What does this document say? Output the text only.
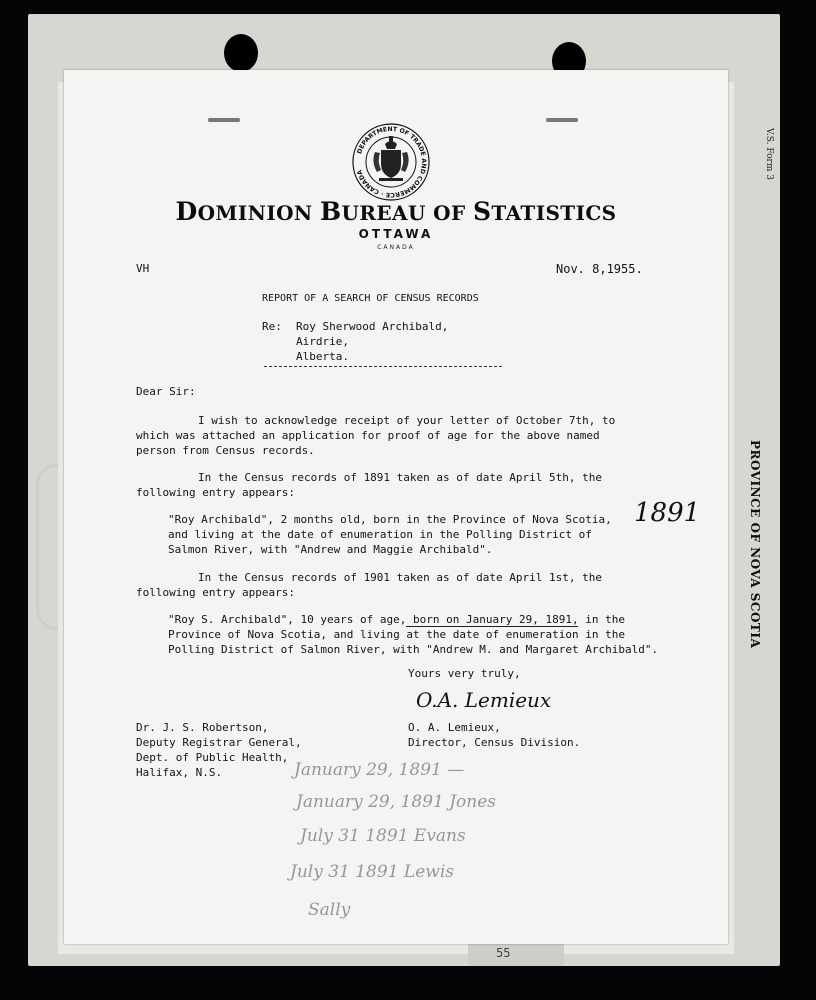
V.S. Form 3
PROVINCE OF NOVA SCOTIA
55
January 29, 1891 —
January 29, 1891 Jones
July 31 1891 Evans
July 31 1891 Lewis
Sally
DEPARTMENT OF TRADE AND COMMERCE · CANADA
DOMINION BUREAU OF STATISTICS
OTTAWA
CANADA
VH	Nov. 8,1955.
REPORT OF A SEARCH OF CENSUS RECORDS
Re: Roy Sherwood Archibald,
Airdrie,
Alberta.
Dear Sir:
I wish to acknowledge receipt of your letter of October 7th, to
which was attached an application for proof of age for the above named
person from Census records.
In the Census records of 1891 taken as of date April 5th, the
following entry appears:
"Roy Archibald", 2 months old, born in the Province of Nova Scotia,
and living at the date of enumeration in the Polling District of
Salmon River, with "Andrew and Maggie Archibald".
1891
In the Census records of 1901 taken as of date April 1st, the
following entry appears:
"Roy S. Archibald", 10 years of age, born on January 29, 1891, in the
Province of Nova Scotia, and living at the date of enumeration in the
Polling District of Salmon River, with "Andrew M. and Margaret Archibald".
Yours very truly,
O.A. Lemieux
O. A. Lemieux,
Director, Census Division.
Dr. J. S. Robertson,
Deputy Registrar General,
Dept. of Public Health,
Halifax, N.S.
